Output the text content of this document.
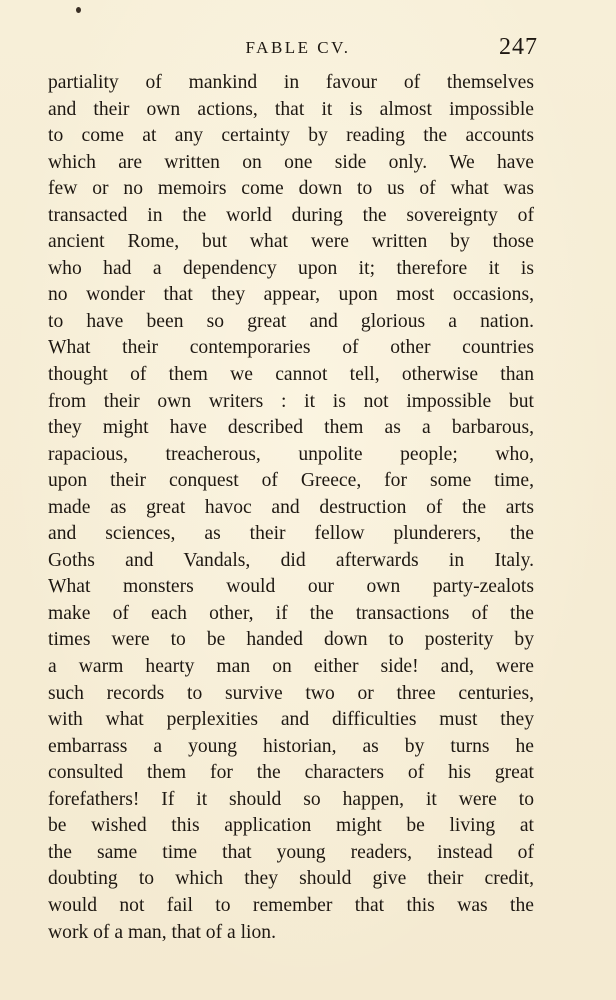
FABLE CV.	247
partiality of mankind in favour of themselves
and their own actions, that it is almost impossible
to come at any certainty by reading the accounts
which are written on one side only. We have
few or no memoirs come down to us of what was
transacted in the world during the sovereignty of
ancient Rome, but what were written by those
who had a dependency upon it; therefore it is
no wonder that they appear, upon most occasions,
to have been so great and glorious a nation.
What their contemporaries of other countries
thought of them we cannot tell, otherwise than
from their own writers : it is not impossible but
they might have described them as a barbarous,
rapacious, treacherous, unpolite people; who,
upon their conquest of Greece, for some time,
made as great havoc and destruction of the arts
and sciences, as their fellow plunderers, the
Goths and Vandals, did afterwards in Italy.
What monsters would our own party-zealots
make of each other, if the transactions of the
times were to be handed down to posterity by
a warm hearty man on either side! and, were
such records to survive two or three centuries,
with what perplexities and difficulties must they
embarrass a young historian, as by turns he
consulted them for the characters of his great
forefathers! If it should so happen, it were to
be wished this application might be living at
the same time that young readers, instead of
doubting to which they should give their credit,
would not fail to remember that this was the
work of a man, that of a lion.
